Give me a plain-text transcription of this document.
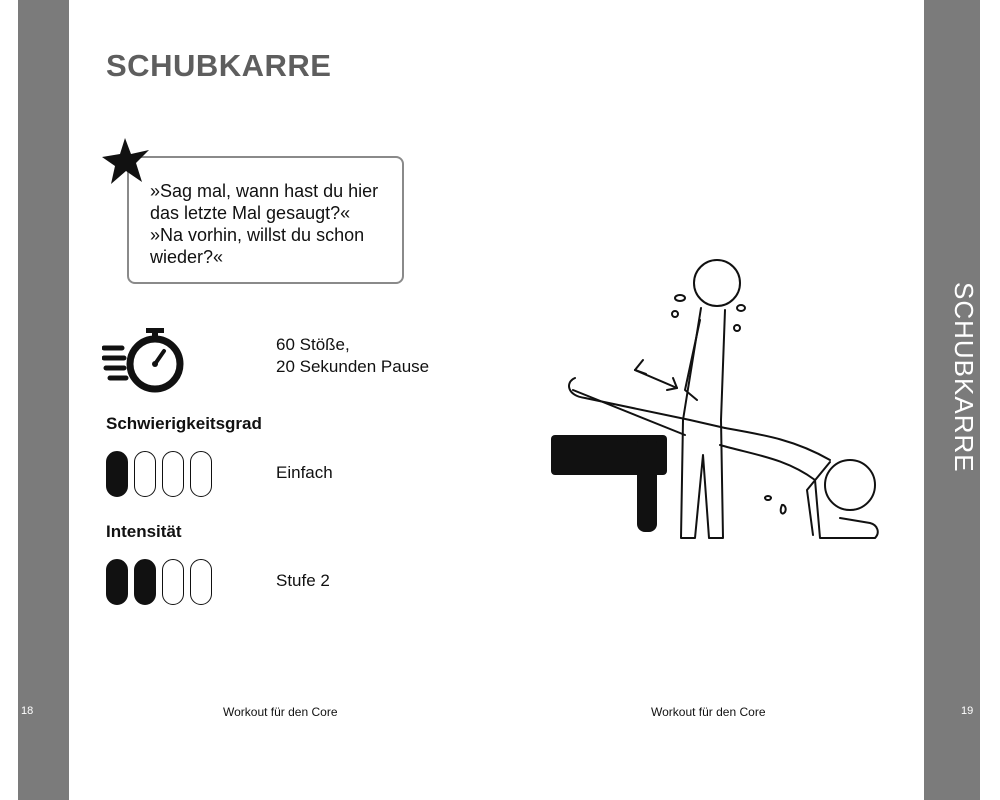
SCHUBKARRE
18	19
SCHUBKARRE
»Sag mal, wann hast du hier
das letzte Mal gesaugt?«
»Na vorhin, willst du schon
wieder?«
60 Stöße,
20 Sekunden Pause
Schwierigkeitsgrad
Einfach
Intensität
Stufe 2
Workout für den Core	Workout für den Core
